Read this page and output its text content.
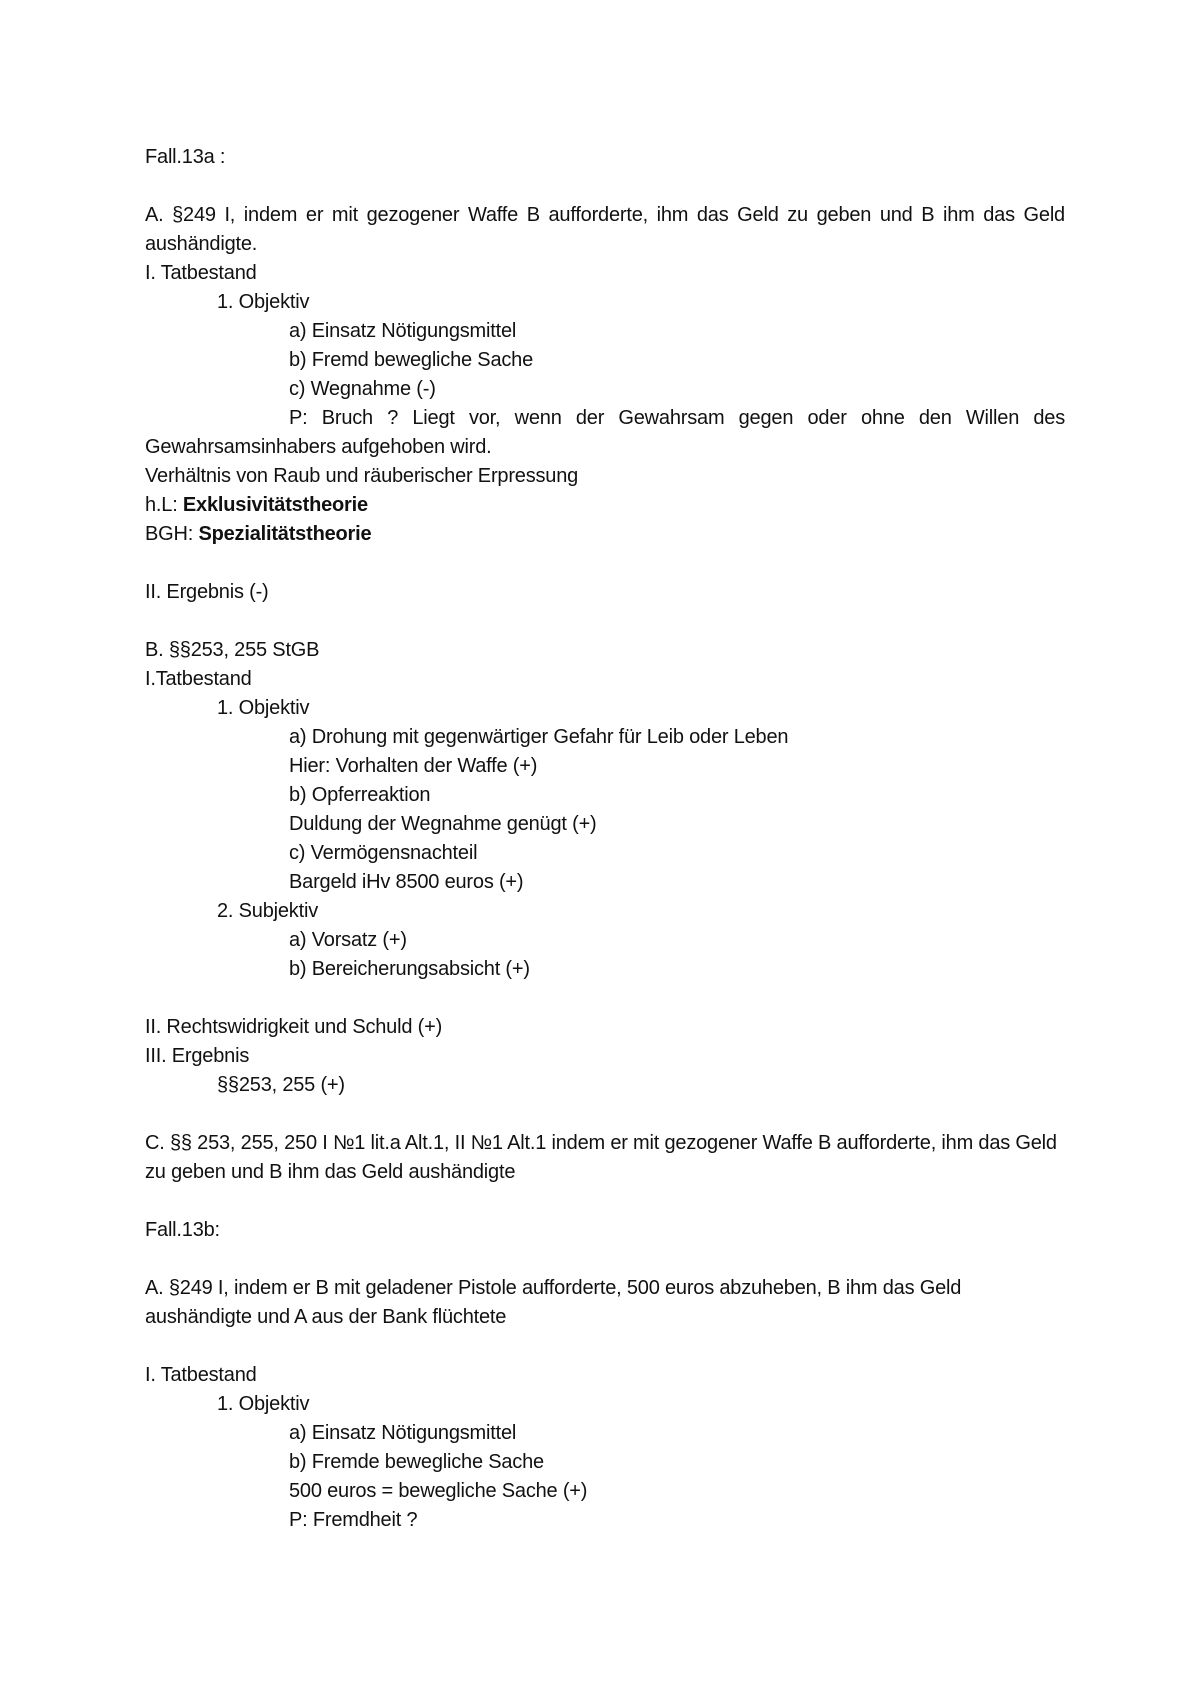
Fall.13a :
A. §249 I, indem er mit gezogener Waffe B aufforderte, ihm das Geld zu geben und B ihm das Geld aushändigte.
I. Tatbestand
1. Objektiv
a) Einsatz Nötigungsmittel
b) Fremd bewegliche Sache
c) Wegnahme (-)
P: Bruch ? Liegt vor, wenn der Gewahrsam gegen oder ohne den Willen des Gewahrsamsinhabers aufgehoben wird.
Verhältnis von Raub und räuberischer Erpressung
h.L: Exklusivitätstheorie
BGH: Spezialitätstheorie
II. Ergebnis (-)
B. §§253, 255 StGB
I.Tatbestand
1. Objektiv
a) Drohung mit gegenwärtiger Gefahr für Leib oder Leben
Hier: Vorhalten der Waffe (+)
b) Opferreaktion
Duldung der Wegnahme genügt (+)
c) Vermögensnachteil
Bargeld iHv 8500 euros (+)
2. Subjektiv
a) Vorsatz (+)
b) Bereicherungsabsicht (+)
II. Rechtswidrigkeit und Schuld (+)
III. Ergebnis
§§253, 255 (+)
C. §§ 253, 255, 250 I №1 lit.a Alt.1, II №1 Alt.1 indem er mit gezogener Waffe B aufforderte, ihm das Geld zu geben und B ihm das Geld aushändigte
Fall.13b:
A. §249 I, indem er B mit geladener Pistole aufforderte, 500 euros abzuheben, B ihm das Geld aushändigte und A aus der Bank flüchtete
I. Tatbestand
1. Objektiv
a) Einsatz Nötigungsmittel
b) Fremde bewegliche Sache
500 euros = bewegliche Sache (+)
P: Fremdheit ?
